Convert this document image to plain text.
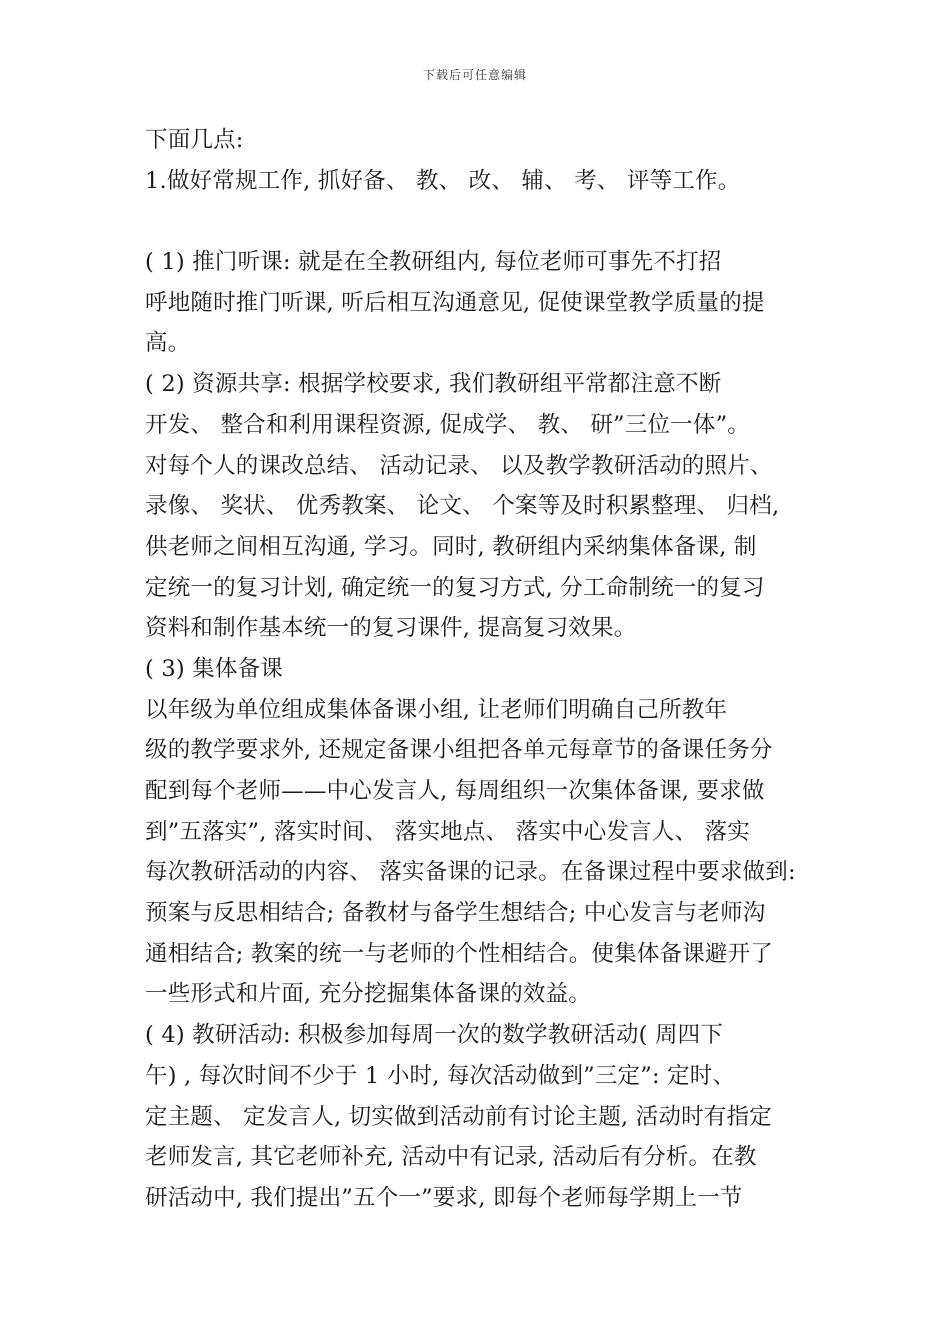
下载后可任意编辑
下面几点:
1.做好常规工作, 抓好备、 教、 改、 辅、 考、 评等工作。
( 1) 推门听课: 就是在全教研组内, 每位老师可事先不打招
呼地随时推门听课, 听后相互沟通意见, 促使课堂教学质量的提
高。
( 2) 资源共享: 根据学校要求, 我们教研组平常都注意不断
开发、 整合和利用课程资源, 促成学、 教、 研”三位一体”。
对每个人的课改总结、 活动记录、 以及教学教研活动的照片、
录像、 奖状、 优秀教案、 论文、 个案等及时积累整理、 归档,
供老师之间相互沟通, 学习。同时, 教研组内采纳集体备课, 制
定统一的复习计划, 确定统一的复习方式, 分工命制统一的复习
资料和制作基本统一的复习课件, 提高复习效果。
( 3) 集体备课
以年级为单位组成集体备课小组, 让老师们明确自己所教年
级的教学要求外, 还规定备课小组把各单元每章节的备课任务分
配到每个老师——中心发言人, 每周组织一次集体备课, 要求做
到”五落实”, 落实时间、 落实地点、 落实中心发言人、 落实
每次教研活动的内容、 落实备课的记录。在备课过程中要求做到:
预案与反思相结合; 备教材与备学生想结合; 中心发言与老师沟
通相结合; 教案的统一与老师的个性相结合。使集体备课避开了
一些形式和片面, 充分挖掘集体备课的效益。
( 4) 教研活动: 积极参加每周一次的数学教研活动( 周四下
午) , 每次时间不少于 1 小时, 每次活动做到”三定”: 定时、
定主题、 定发言人, 切实做到活动前有讨论主题, 活动时有指定
老师发言, 其它老师补充, 活动中有记录, 活动后有分析。在教
研活动中, 我们提出”五个一”要求, 即每个老师每学期上一节
